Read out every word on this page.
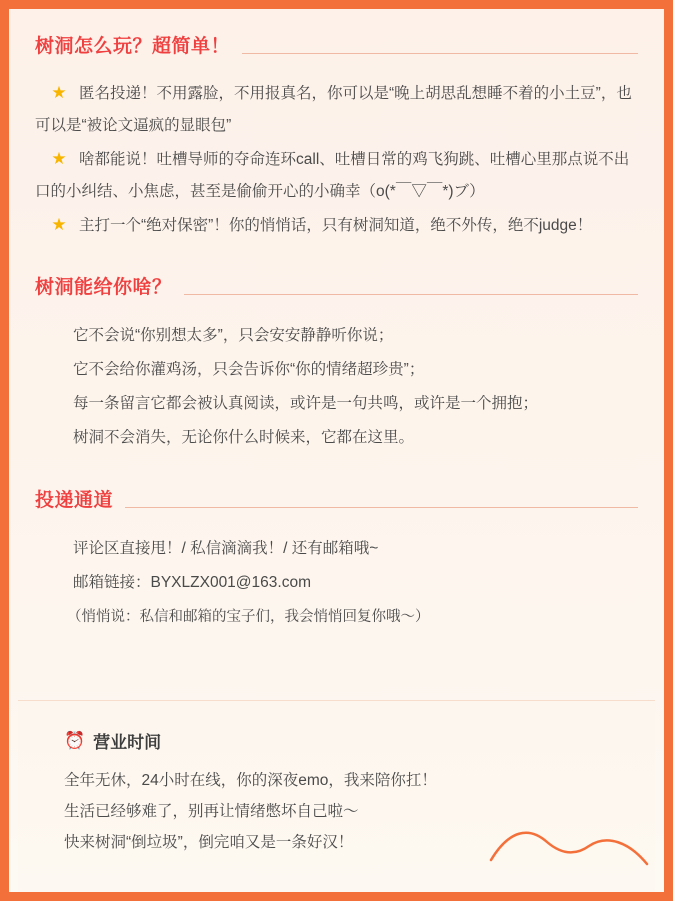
树洞怎么玩？超简单！
★ 匿名投递！不用露脸，不用报真名，你可以是“晚上胡思乱想睡不着的小土豆”，也可以是“被论文逼疯的显眼包”
★ 啥都能说！吐槽导师的夺命连环call、吐槽日常的鸡飞狗跳、吐槽心里那点说不出口的小纠结、小焦虑，甚至是偷偷开心的小确幸（o(*￣▽￣*)ブ）
★ 主打一个“绝对保密”！你的悄悄话，只有树洞知道，绝不外传，绝不judge！
树洞能给你啥？
它不会说“你别想太多”，只会安安静静听你说；
它不会给你灌鸡汤，只会告诉你“你的情绪超珍贵”；
每一条留言它都会被认真阅读，或许是一句共鸣，或许是一个拥抱；
树洞不会消失，无论你什么时候来，它都在这里。
投递通道
评论区直接甩！/ 私信滴滴我！/ 还有邮箱哦~
邮箱链接：BYXLZX001@163.com
（悄悄说：私信和邮箱的宝子们，我会悄悄回复你哦～）
⏰ 营业时间
全年无休，24小时在线，你的深夜emo，我来陪你扛！
生活已经够难了，别再让情绪憋坏自己啦～
快来树洞“倒垃圾”，倒完咱又是一条好汉！
